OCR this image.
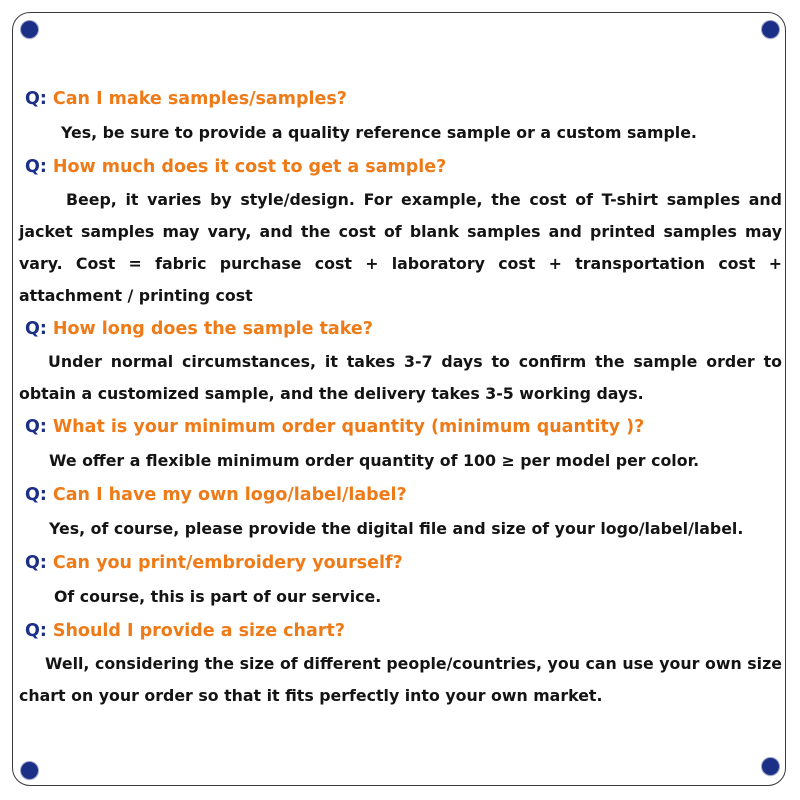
Q: Can I make samples/samples?

Yes, be sure to provide a quality reference sample or a custom sample.

Q: How much does it cost to get a sample?

Beep, it varies by style/design. For example, the cost of T-shirt samples and jacket samples may vary, and the cost of blank samples and printed samples may vary. Cost = fabric purchase cost + laboratory cost + transportation cost + attachment / printing cost

Q: How long does the sample take?

Under normal circumstances, it takes 3-7 days to confirm the sample order to obtain a customized sample, and the delivery takes 3-5 working days.

Q: What is your minimum order quantity (minimum quantity )?

We offer a flexible minimum order quantity of 100 ≥ per model per color.

Q: Can I have my own logo/label/label?

Yes, of course, please provide the digital file and size of your logo/label/label.

Q: Can you print/embroidery yourself?

Of course, this is part of our service.

Q: Should I provide a size chart?

Well, considering the size of different people/countries, you can use your own size chart on your order so that it fits perfectly into your own market.
